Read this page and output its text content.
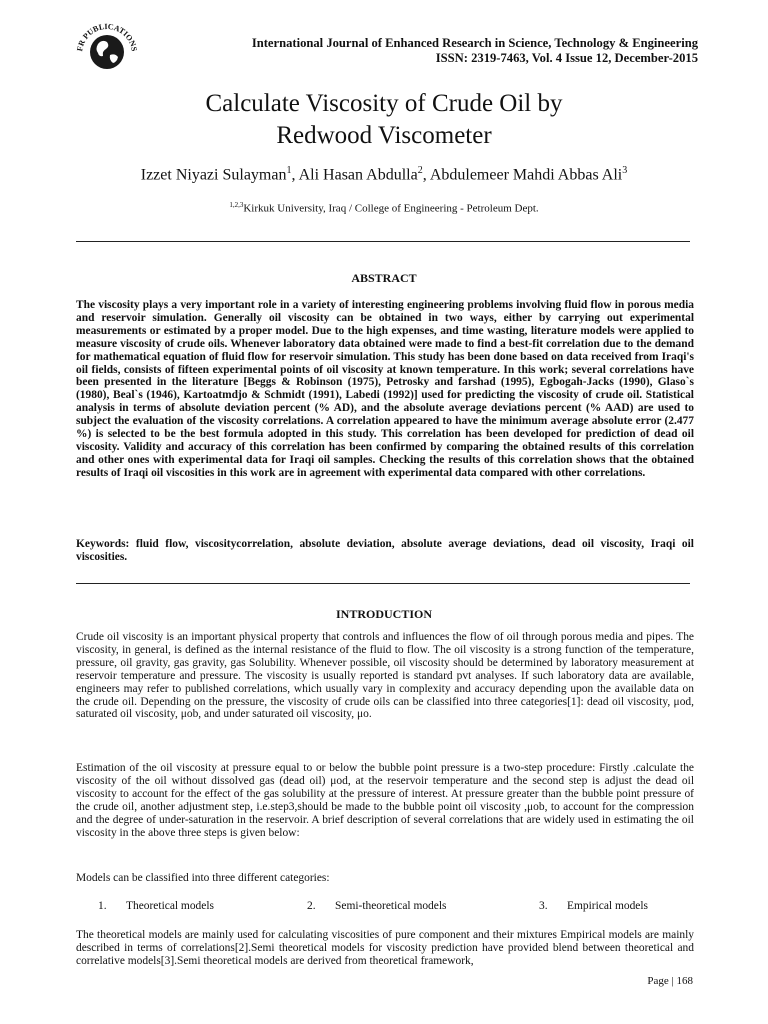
FR PUBLICATIONS	International Journal of Enhanced Research in Science, Technology & Engineering
ISSN: 2319-7463, Vol. 4 Issue 12, December-2015
Calculate Viscosity of Crude Oil by
Redwood Viscometer
Izzet Niyazi Sulayman$^1$, Ali Hasan Abdulla$^2$, Abdulemeer Mahdi Abbas Ali$^3$
$^{1,2,3}$Kirkuk University, Iraq / College of Engineering - Petroleum Dept.
ABSTRACT

The viscosity plays a very important role in a variety of interesting engineering problems involving fluid flow in porous media and reservoir simulation. Generally oil viscosity can be obtained in two ways, either by carrying out experimental measurements or estimated by a proper model. Due to the high expenses, and time wasting, literature models were applied to measure viscosity of crude oils. Whenever laboratory data obtained were made to find a best-fit correlation due to the demand for mathematical equation of fluid flow for reservoir simulation. This study has been done based on data received from Iraqi's oil fields, consists of fifteen experimental points of oil viscosity at known temperature. In this work; several correlations have been presented in the literature [Beggs & Robinson (1975), Petrosky and farshad (1995), Egbogah-Jacks (1990), Glaso`s (1980), Beal`s (1946), Kartoatmdjo & Schmidt (1991), Labedi (1992)] used for predicting the viscosity of crude oil. Statistical analysis in terms of absolute deviation percent (% AD), and the absolute average deviations percent (% AAD) are used to subject the evaluation of the viscosity correlations. A correlation appeared to have the minimum average absolute error (2.477 %) is selected to be the best formula adopted in this study. This correlation has been developed for prediction of dead oil viscosity. Validity and accuracy of this correlation has been confirmed by comparing the obtained results of this correlation and other ones with experimental data for Iraqi oil samples. Checking the results of this correlation shows that the obtained results of Iraqi oil viscosities in this work are in agreement with experimental data compared with other correlations.

Keywords: fluid flow, viscositycorrelation, absolute deviation, absolute average deviations, dead oil viscosity, Iraqi oil viscosities.

INTRODUCTION

Crude oil viscosity is an important physical property that controls and influences the flow of oil through porous media and pipes. The viscosity, in general, is defined as the internal resistance of the fluid to flow. The oil viscosity is a strong function of the temperature, pressure, oil gravity, gas gravity, gas Solubility. Whenever possible, oil viscosity should be determined by laboratory measurement at reservoir temperature and pressure. The viscosity is usually reported is standard pvt analyses. If such laboratory data are available, engineers may refer to published correlations, which usually vary in complexity and accuracy depending upon the available data on the crude oil. Depending on the pressure, the viscosity of crude oils can be classified into three categories[1]: dead oil viscosity, μod, saturated oil viscosity, μob, and under saturated oil viscosity, μo.

Estimation of the oil viscosity at pressure equal to or below the bubble point pressure is a two-step procedure: Firstly .calculate the viscosity of the oil without dissolved gas (dead oil) μod, at the reservoir temperature and the second step is adjust the dead oil viscosity to account for the effect of the gas solubility at the pressure of interest. At pressure greater than the bubble point pressure of the crude oil, another adjustment step, i.e.step3,should be made to the bubble point oil viscosity ,μob, to account for the compression and the degree of under-saturation in the reservoir. A brief description of several correlations that are widely used in estimating the oil viscosity in the above three steps is given below:

Models can be classified into three different categories:

1. Theoretical models	2. Semi-theoretical models	3. Empirical models

The theoretical models are mainly used for calculating viscosities of pure component and their mixtures Empirical models are mainly described in terms of correlations[2].Semi theoretical models for viscosity prediction have provided blend between theoretical and correlative models[3].Semi theoretical models are derived from theoretical framework,

Page | 168
